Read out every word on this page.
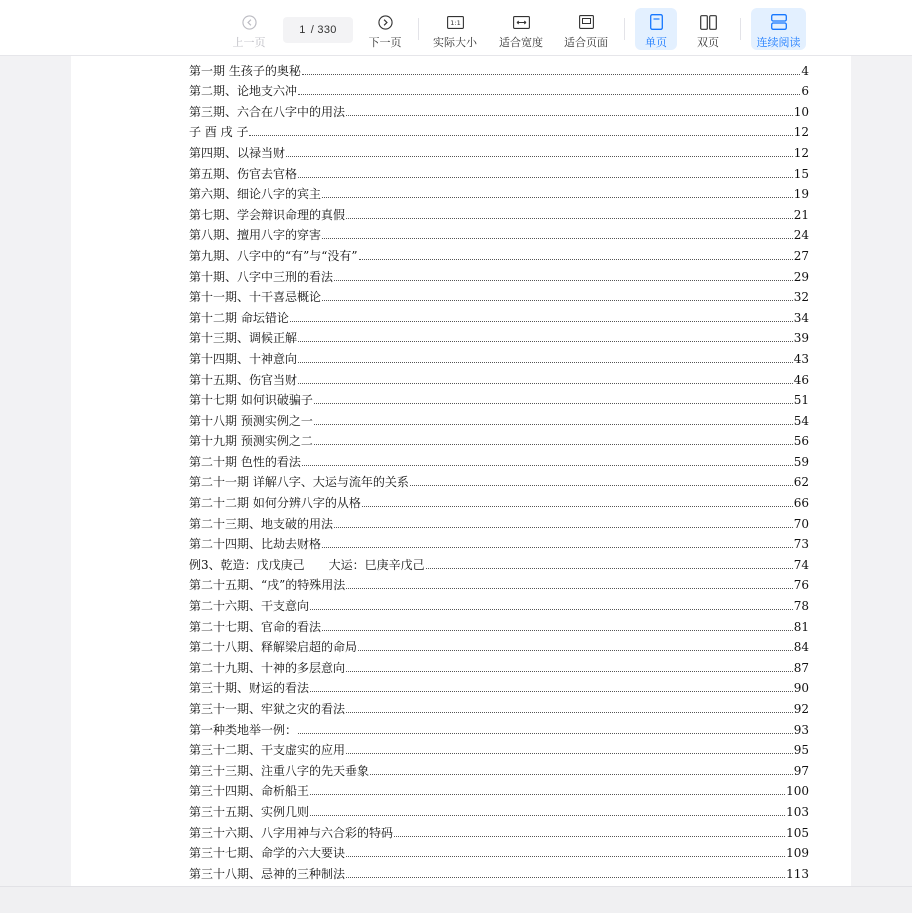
上一页
1 / 330
下一页
1:1
实际大小 适合宽度 适合页面	单页	双页	连续阅读
第一期 生孩子的奥秘	4
第二期、论地支六冲	6
第三期、六合在八字中的用法	10
子 酉 戌 子	12
第四期、以禄当财	12
第五期、伤官去官格	15
第六期、细论八字的宾主	19
第七期、学会辩识命理的真假	21
第八期、擅用八字的穿害	24
第九期、八字中的“有”与“没有”	27
第十期、八字中三刑的看法	29
第十一期、十干喜忌概论	32
第十二期 命坛错论	34
第十三期、调候正解	39
第十四期、十神意向	43
第十五期、伤官当财	46
第十七期 如何识破骗子	51
第十八期 预测实例之一	54
第十九期 预测实例之二	56
第二十期 色性的看法	59
第二十一期 详解八字、大运与流年的关系	62
第二十二期 如何分辨八字的从格	66
第二十三期、地支破的用法	70
第二十四期、比劫去财格	73
例3、乾造：戊戊庚己　　大运：巳庚辛戊己	74
第二十五期、“戌”的特殊用法	76
第二十六期、干支意向	78
第二十七期、官命的看法	81
第二十八期、释解梁启超的命局	84
第二十九期、十神的多层意向	87
第三十期、财运的看法	90
第三十一期、牢狱之灾的看法	92
第一种类地举一例：	93
第三十二期、干支虚实的应用	95
第三十三期、注重八字的先天垂象	97
第三十四期、命析船王	100
第三十五期、实例几则	103
第三十六期、八字用神与六合彩的特码	105
第三十七期、命学的六大要诀	109
第三十八期、忌神的三种制法	113
